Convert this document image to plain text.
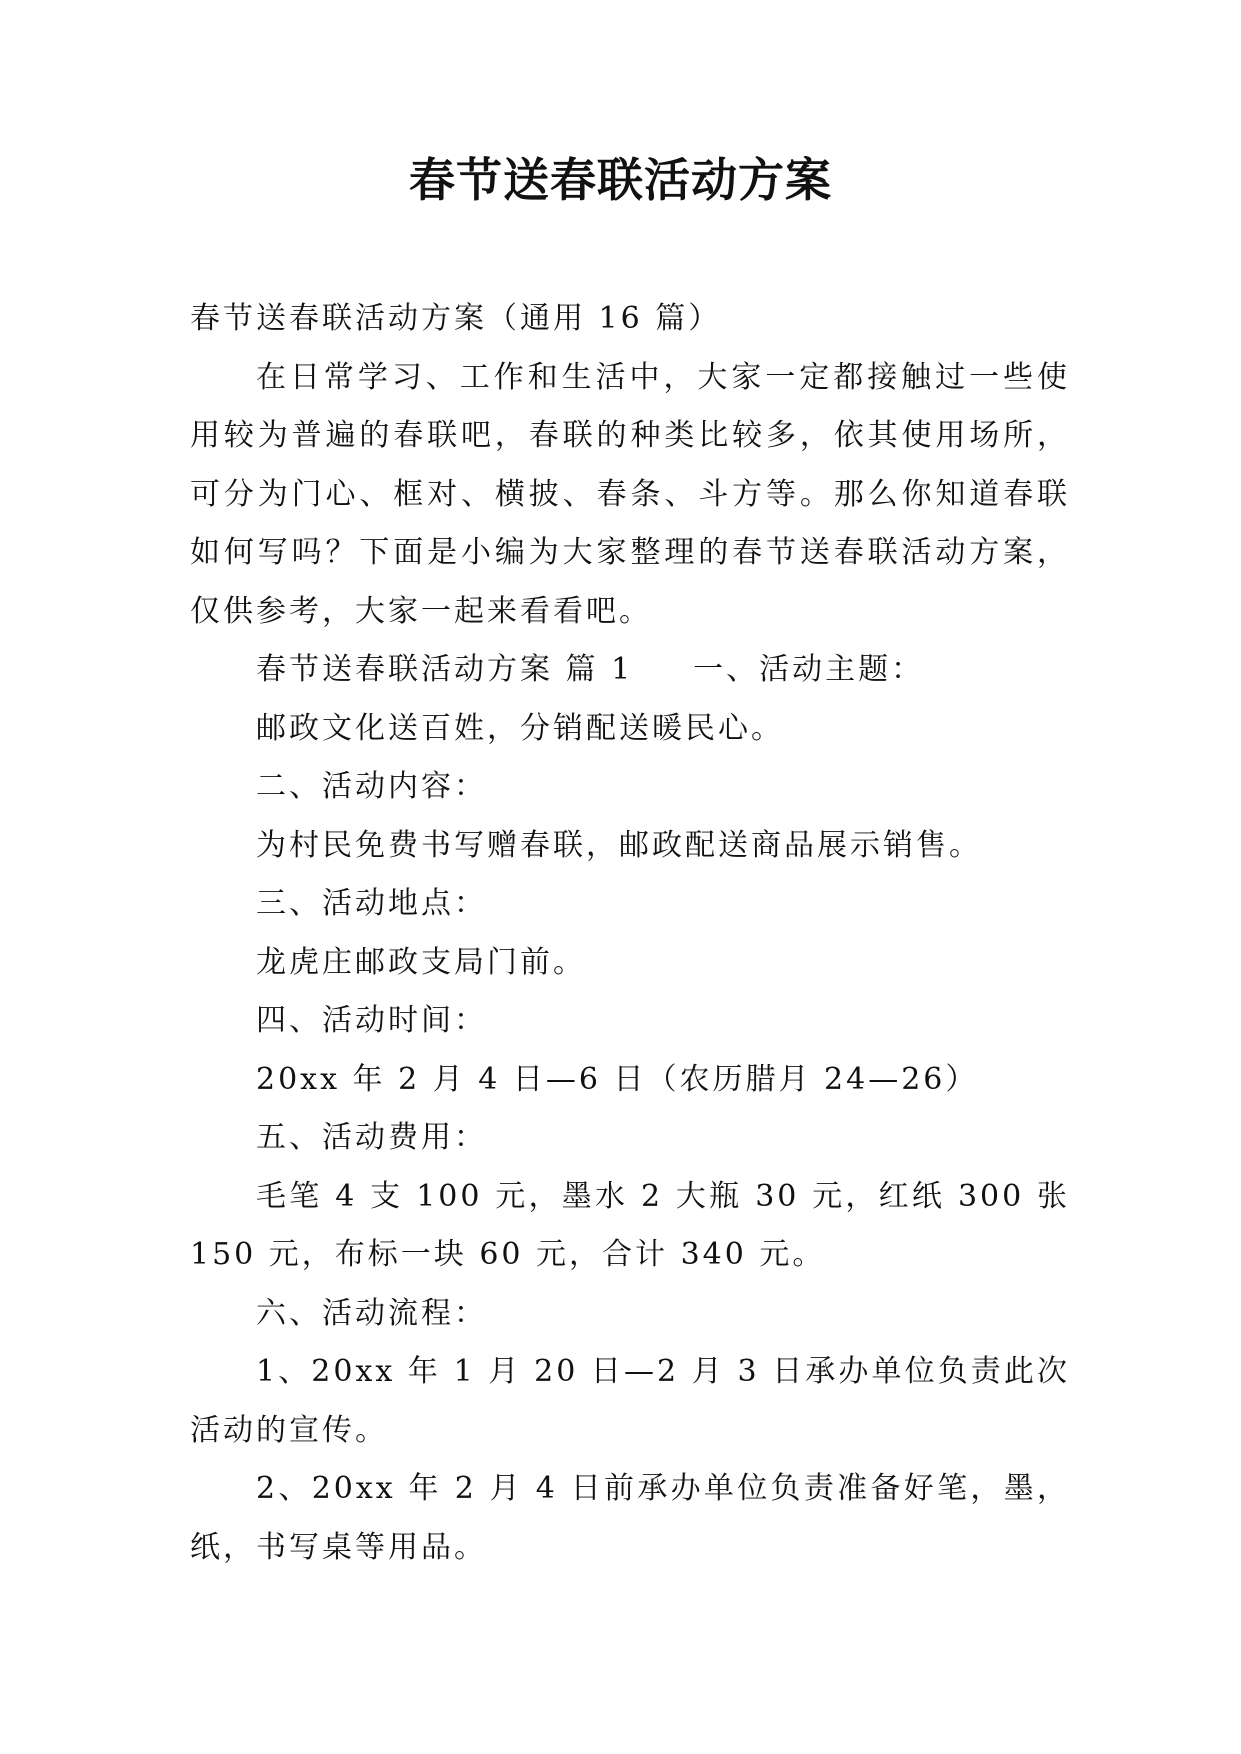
春节送春联活动方案

春节送春联活动方案（通用 16 篇）

在日常学习、工作和生活中，大家一定都接触过一些使用较为普遍的春联吧，春联的种类比较多，依其使用场所，可分为门心、框对、横披、春条、斗方等。那么你知道春联如何写吗？下面是小编为大家整理的春节送春联活动方案，仅供参考，大家一起来看看吧。

春节送春联活动方案 篇 1 一、活动主题：

邮政文化送百姓，分销配送暖民心。

二、活动内容：

为村民免费书写赠春联，邮政配送商品展示销售。

三、活动地点：

龙虎庄邮政支局门前。

四、活动时间：

20xx 年 2 月 4 日—6 日（农历腊月 24—26）

五、活动费用：

毛笔 4 支 100 元，墨水 2 大瓶 30 元，红纸 300 张 150 元，布标一块 60 元，合计 340 元。

六、活动流程：

1、20xx 年 1 月 20 日—2 月 3 日承办单位负责此次活动的宣传。

2、20xx 年 2 月 4 日前承办单位负责准备好笔，墨，纸，书写桌等用品。
